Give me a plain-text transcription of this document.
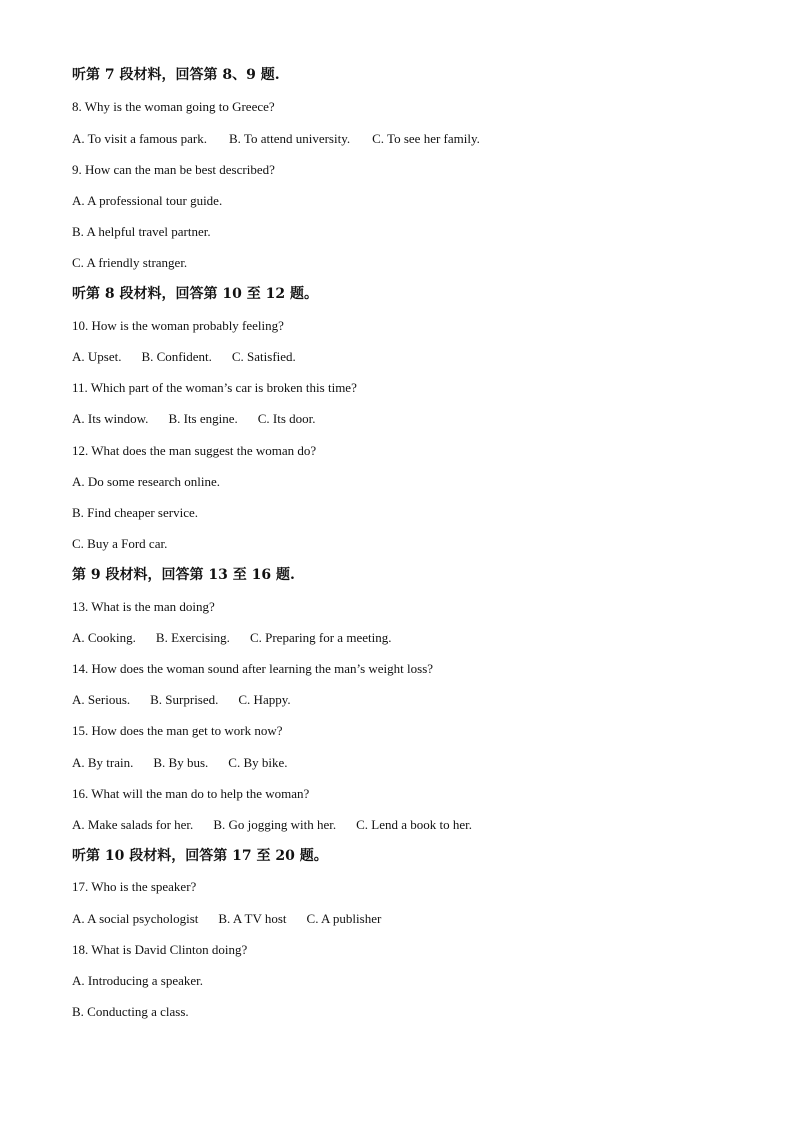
听第 7 段材料，回答第 8、9 题.
8. Why is the woman going to Greece?
A. To visit a famous park. B. To attend university. C. To see her family.
9. How can the man be best described?
A. A professional tour guide.
B. A helpful travel partner.
C. A friendly stranger.
听第 8 段材料，回答第 10 至 12 题。
10. How is the woman probably feeling?
A. Upset. B. Confident. C. Satisfied.
11. Which part of the woman’s car is broken this time?
A. Its window. B. Its engine. C. Its door.
12. What does the man suggest the woman do?
A. Do some research online.
B. Find cheaper service.
C. Buy a Ford car.
第 9 段材料，回答第 13 至 16 题.
13. What is the man doing?
A. Cooking. B. Exercising. C. Preparing for a meeting.
14. How does the woman sound after learning the man’s weight loss?
A. Serious. B. Surprised. C. Happy.
15. How does the man get to work now?
A. By train. B. By bus. C. By bike.
16. What will the man do to help the woman?
A. Make salads for her. B. Go jogging with her. C. Lend a book to her.
听第 10 段材料，回答第 17 至 20 题。
17. Who is the speaker?
A. A social psychologist B. A TV host C. A publisher
18. What is David Clinton doing?
A. Introducing a speaker.
B. Conducting a class.
